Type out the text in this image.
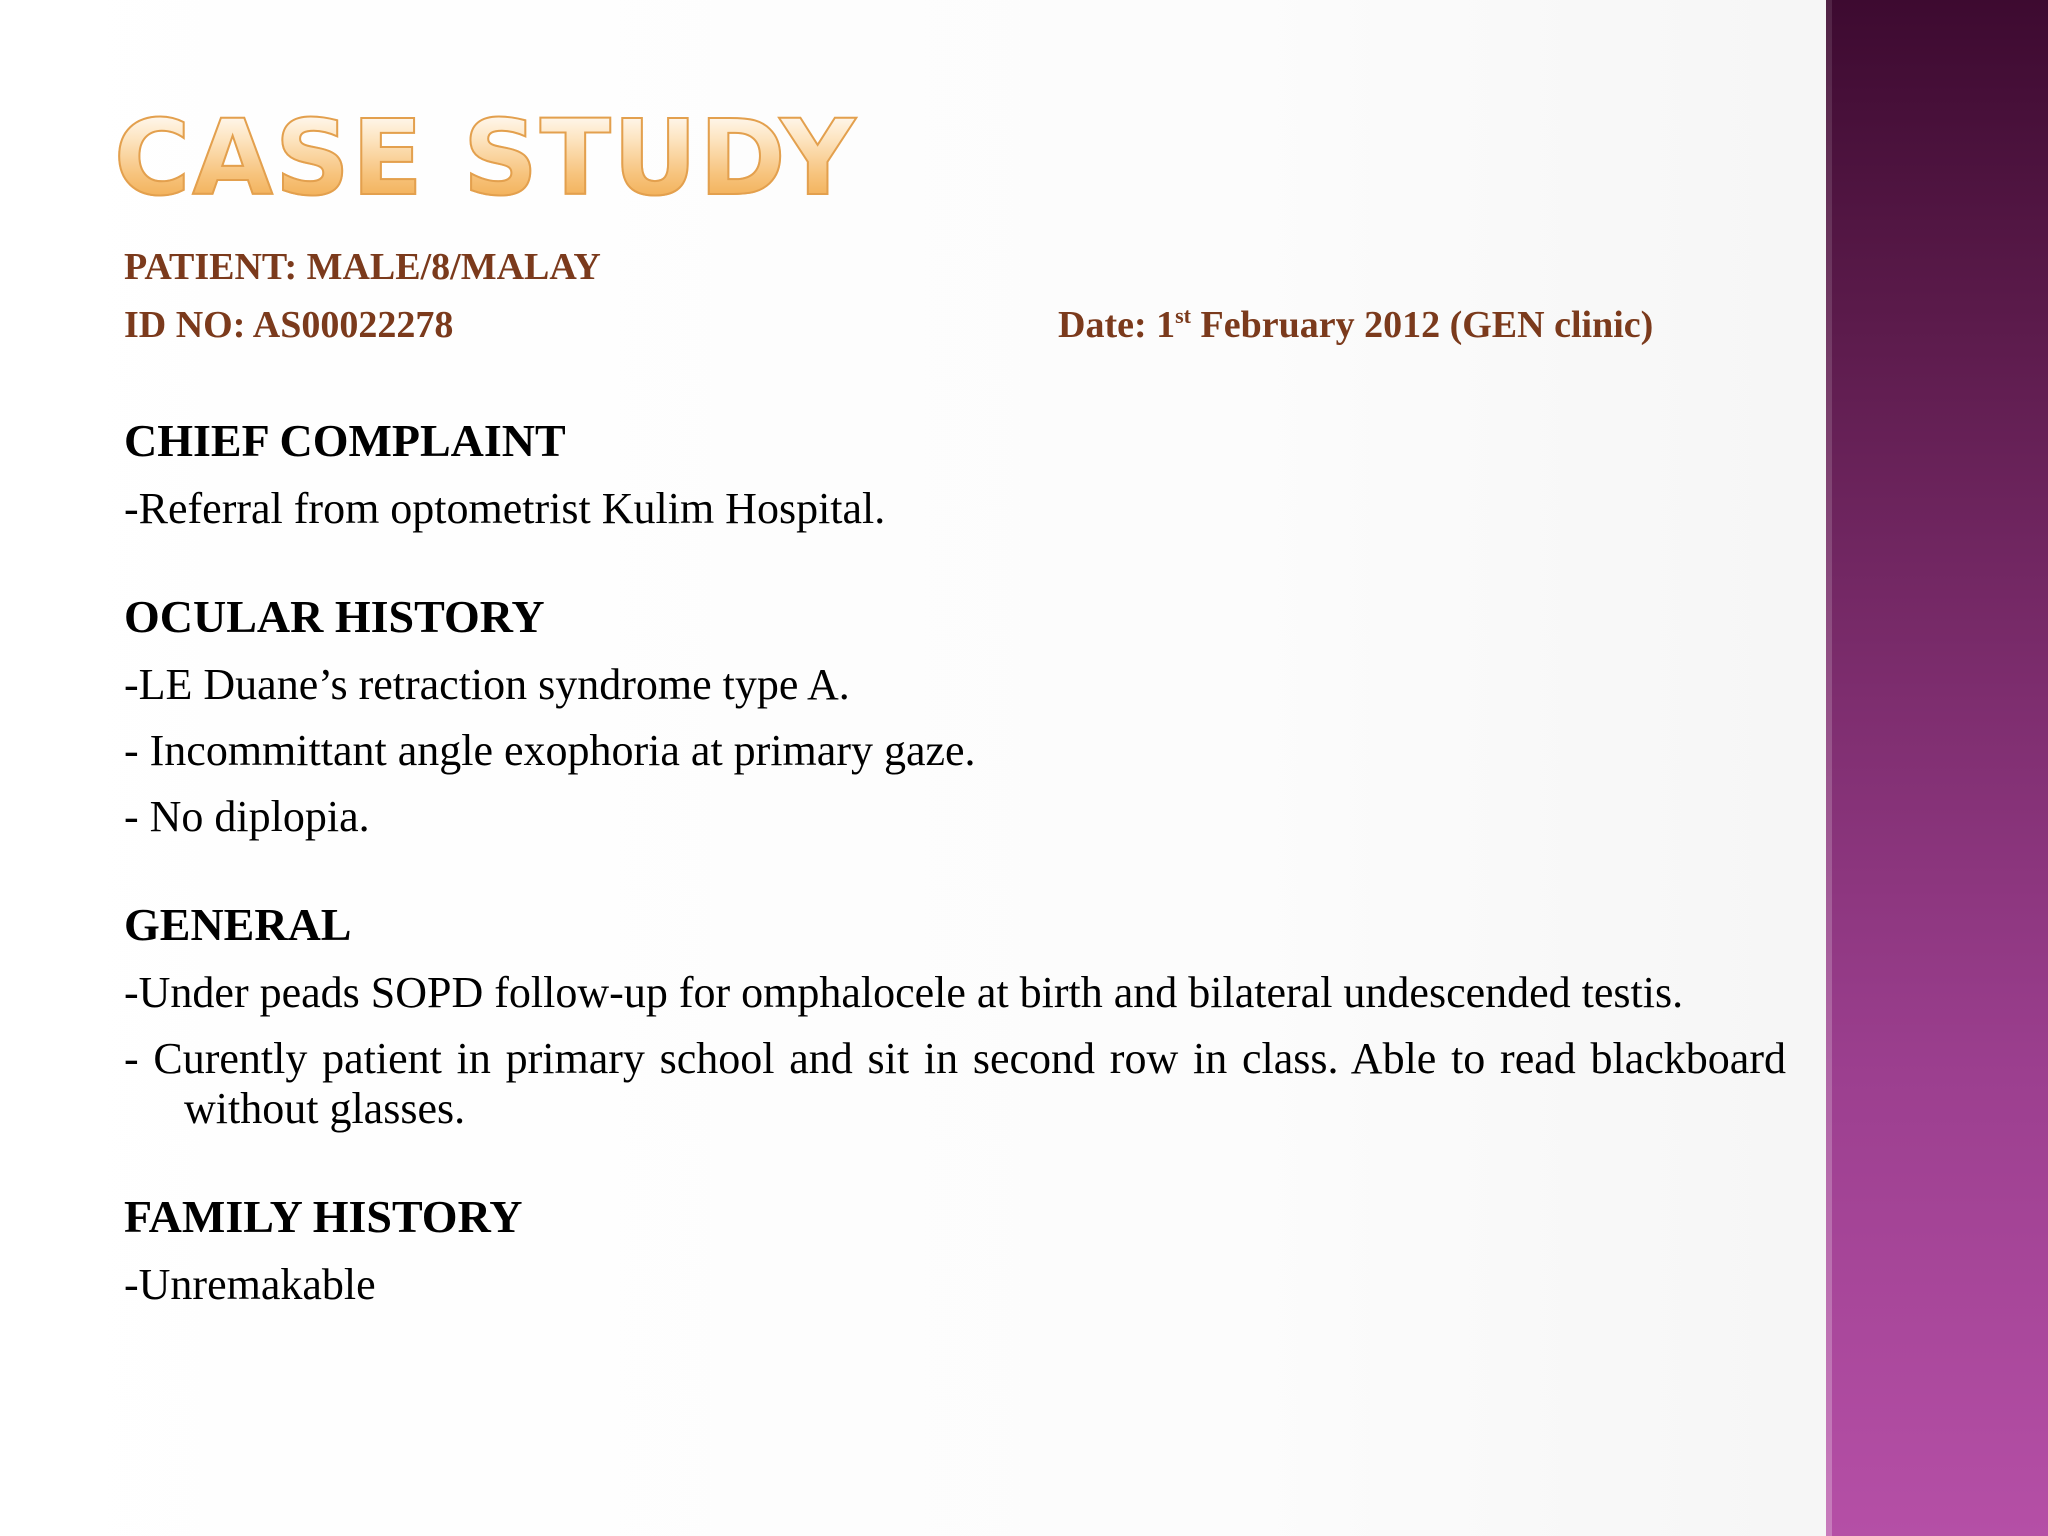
CASE STUDY
PATIENT: MALE/8/MALAY
ID NO: AS00022278	Date: 1st February 2012 (GEN clinic)
CHIEF COMPLAINT
-Referral from optometrist Kulim Hospital.
OCULAR HISTORY
-LE Duane’s retraction syndrome type A.
- Incommittant angle exophoria at primary gaze.
- No diplopia.
GENERAL
-Under peads SOPD follow-up for omphalocele at birth and bilateral undescended testis.
- Curently patient in primary school and sit in second row in class. Able to read blackboard without glasses.
FAMILY HISTORY
-Unremakable
